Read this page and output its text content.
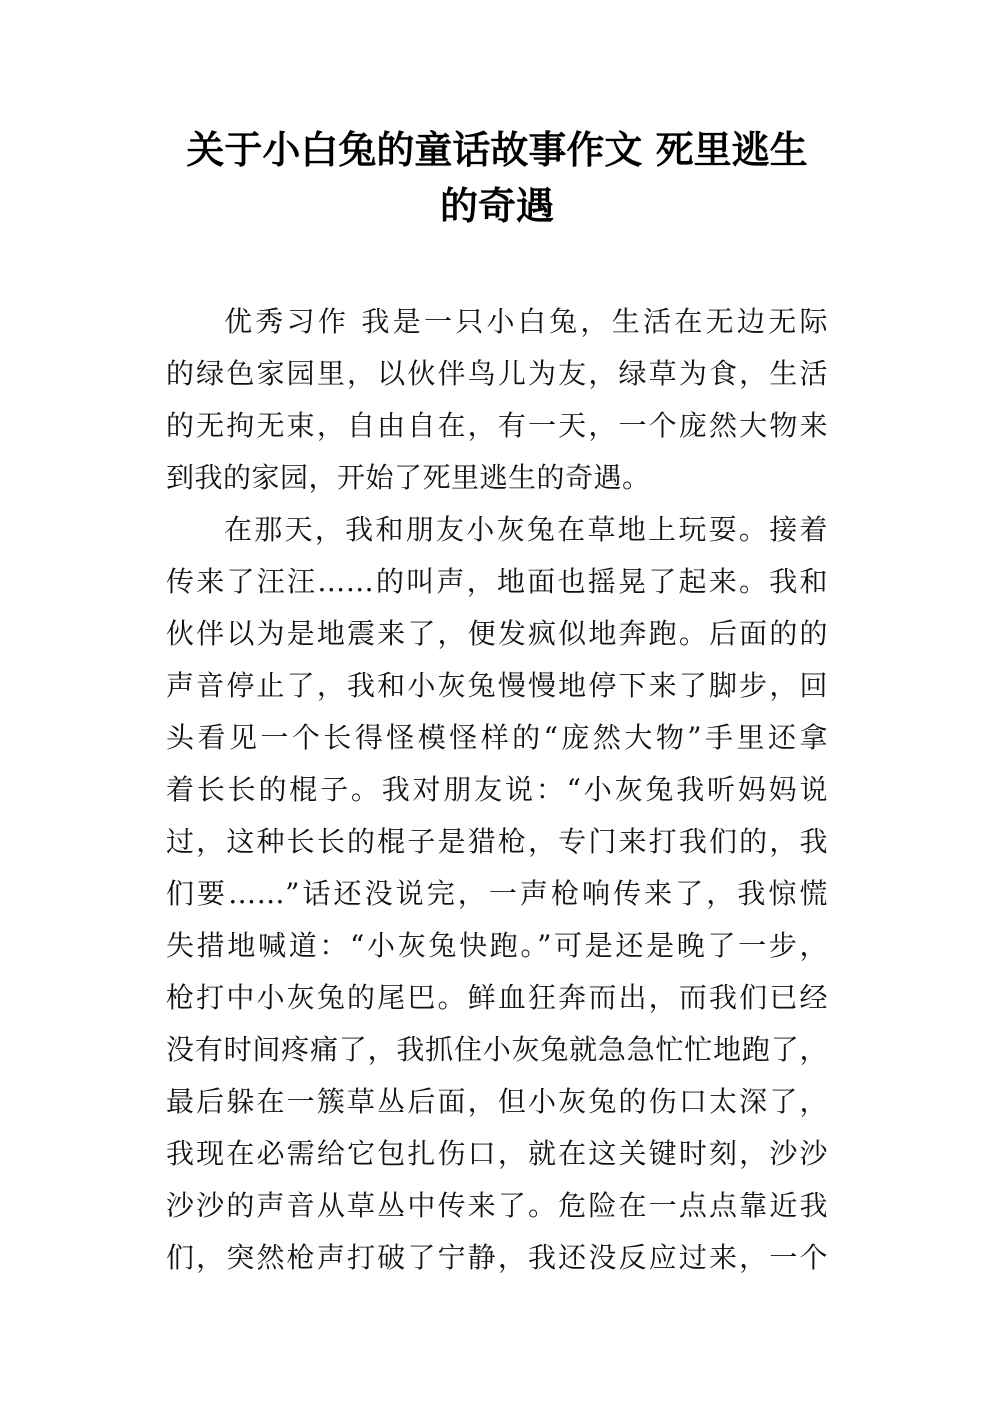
关于小白兔的童话故事作文 死里逃生
的奇遇
优秀习作 我是一只小白兔，生活在无边无际
的绿色家园里，以伙伴鸟儿为友，绿草为食，生活
的无拘无束，自由自在，有一天，一个庞然大物来
到我的家园，开始了死里逃生的奇遇。
在那天，我和朋友小灰兔在草地上玩耍。接着
传来了汪汪……的叫声，地面也摇晃了起来。我和
伙伴以为是地震来了，便发疯似地奔跑。后面的的
声音停止了，我和小灰兔慢慢地停下来了脚步，回
头看见一个长得怪模怪样的“庞然大物”手里还拿
着长长的棍子。我对朋友说：“小灰兔我听妈妈说
过，这种长长的棍子是猎枪，专门来打我们的，我
们要……”话还没说完，一声枪响传来了，我惊慌
失措地喊道：“小灰兔快跑。”可是还是晚了一步，
枪打中小灰兔的尾巴。鲜血狂奔而出，而我们已经
没有时间疼痛了，我抓住小灰兔就急急忙忙地跑了，
最后躲在一簇草丛后面，但小灰兔的伤口太深了，
我现在必需给它包扎伤口，就在这关键时刻，沙沙
沙沙的声音从草丛中传来了。危险在一点点靠近我
们，突然枪声打破了宁静，我还没反应过来，一个
